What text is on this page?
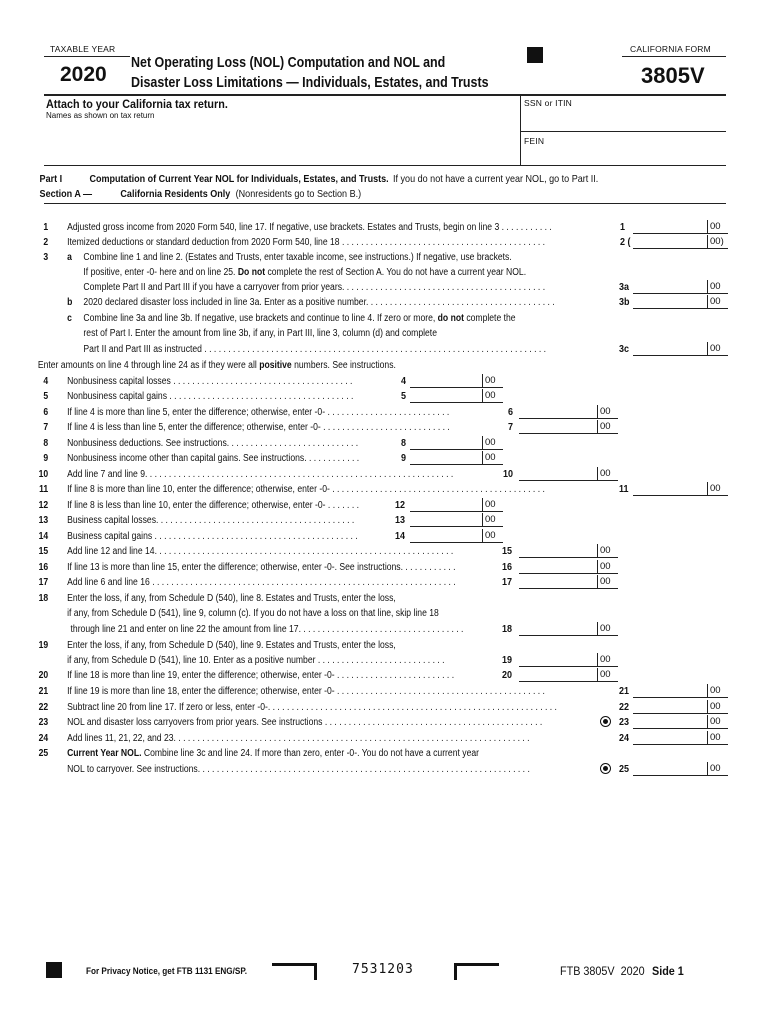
TAXABLE YEAR
2020 Net Operating Loss (NOL) Computation and NOL and
Disaster Loss Limitations — Individuals, Estates, and Trusts
CALIFORNIA FORM
3805V
Attach to your California tax return.
Names as shown on tax return
SSN or ITIN
FEIN
Part I	Computation of Current Year NOL for Individuals, Estates, and Trusts. If you do not have a current year NOL, go to Part II.
Section A —	California Residents Only (Nonresidents go to Section B.)
1 Adjusted gross income from 2020 Form 540, line 17. If negative, use brackets. Estates and Trusts, begin on line 3 . . . . . . . . . . .	1	00
2 Itemized deductions or standard deduction from 2020 Form 540, line 18 . . . . . . . . . . . . . . . . . . . . . . . . . . . . . . . . . . . . . . . . . . .	2 (	00)
3 a Combine line 1 and line 2. (Estates and Trusts, enter taxable income, see instructions.) If negative, use brackets.
If positive, enter -0- here and on line 25. Do not complete the rest of Section A. You do not have a current year NOL.
Complete Part II and Part III if you have a carryover from prior years. . . . . . . . . . . . . . . . . . . . . . . . . . . . . . . . . . . . . . . . . . .	3a	00
b 2020 declared disaster loss included in line 3a. Enter as a positive number. . . . . . . . . . . . . . . . . . . . . . . . . . . . . . . . . . . . . . . .	3b	00
c Combine line 3a and line 3b. If negative, use brackets and continue to line 4. If zero or more, do not complete the
rest of Part I. Enter the amount from line 3b, if any, in Part III, line 3, column (d) and complete
Part II and Part III as instructed . . . . . . . . . . . . . . . . . . . . . . . . . . . . . . . . . . . . . . . . . . . . . . . . . . . . . . . . . . . . . . . . . . . . . . . .	3c	00
Enter amounts on line 4 through line 24 as if they were all positive numbers. See instructions.
4 Nonbusiness capital losses . . . . . . . . . . . . . . . . . . . . . . . . . . . . . . . . . . . . . .	4	00
5 Nonbusiness capital gains . . . . . . . . . . . . . . . . . . . . . . . . . . . . . . . . . . . . . . .	5	00
6 If line 4 is more than line 5, enter the difference; otherwise, enter -0- . . . . . . . . . . . . . . . . . . . . . . . . . .	6	00
7 If line 4 is less than line 5, enter the difference; otherwise, enter -0- . . . . . . . . . . . . . . . . . . . . . . . . . . .	7	00
8 Nonbusiness deductions. See instructions. . . . . . . . . . . . . . . . . . . . . . . . . . . .	8	00
9 Nonbusiness income other than capital gains. See instructions. . . . . . . . . . . .	9	00
10 Add line 7 and line 9. . . . . . . . . . . . . . . . . . . . . . . . . . . . . . . . . . . . . . . . . . . . . . . . . . . . . . . . . . . . . . . . .	10	00
11 If line 8 is more than line 10, enter the difference; otherwise, enter -0- . . . . . . . . . . . . . . . . . . . . . . . . . . . . . . . . . . . . . . . . . . . . .	11	00
12 If line 8 is less than line 10, enter the difference; otherwise, enter -0- . . . . . . .	12	00
13 Business capital losses. . . . . . . . . . . . . . . . . . . . . . . . . . . . . . . . . . . . . . . . . .	13	00
14 Business capital gains . . . . . . . . . . . . . . . . . . . . . . . . . . . . . . . . . . . . . . . . . . .	14	00
15 Add line 12 and line 14. . . . . . . . . . . . . . . . . . . . . . . . . . . . . . . . . . . . . . . . . . . . . . . . . . . . . . . . . . . . . . .	15	00
16 If line 13 is more than line 15, enter the difference; otherwise, enter -0-. See instructions. . . . . . . . . . . .	16	00
17 Add line 6 and line 16 . . . . . . . . . . . . . . . . . . . . . . . . . . . . . . . . . . . . . . . . . . . . . . . . . . . . . . . . . . . . . . . .	17	00
18 Enter the loss, if any, from Schedule D (540), line 8. Estates and Trusts, enter the loss,
if any, from Schedule D (541), line 9, column (c). If you do not have a loss on that line, skip line 18
through line 21 and enter on line 22 the amount from line 17. . . . . . . . . . . . . . . . . . . . . . . . . . . . . . . . . . .	18	00
19 Enter the loss, if any, from Schedule D (540), line 9. Estates and Trusts, enter the loss,
if any, from Schedule D (541), line 10. Enter as a positive number . . . . . . . . . . . . . . . . . . . . . . . . . . .	19	00
20 If line 18 is more than line 19, enter the difference; otherwise, enter -0- . . . . . . . . . . . . . . . . . . . . . . . . .	20	00
21 If line 19 is more than line 18, enter the difference; otherwise, enter -0- . . . . . . . . . . . . . . . . . . . . . . . . . . . . . . . . . . . . . . . . . . . .	21	00
22 Subtract line 20 from line 17. If zero or less, enter -0-. . . . . . . . . . . . . . . . . . . . . . . . . . . . . . . . . . . . . . . . . . . . . . . . . . . . . . . . . . . . .	22	00
23 NOL and disaster loss carryovers from prior years. See instructions . . . . . . . . . . . . . . . . . . . . . . . . . . . . . . . . . . . . . . . . . . . . . .	23	00
24 Add lines 11, 21, 22, and 23. . . . . . . . . . . . . . . . . . . . . . . . . . . . . . . . . . . . . . . . . . . . . . . . . . . . . . . . . . . . . . . . . . . . . . . . . . .	24	00
25 Current Year NOL. Combine line 3c and line 24. If more than zero, enter -0-. You do not have a current year
NOL to carryover. See instructions. . . . . . . . . . . . . . . . . . . . . . . . . . . . . . . . . . . . . . . . . . . . . . . . . . . . . . . . . . . . . . . . . . . . . .	25	00
For Privacy Notice, get FTB 1131 ENG/SP.	7531203	FTB 3805V  2020 Side 1
